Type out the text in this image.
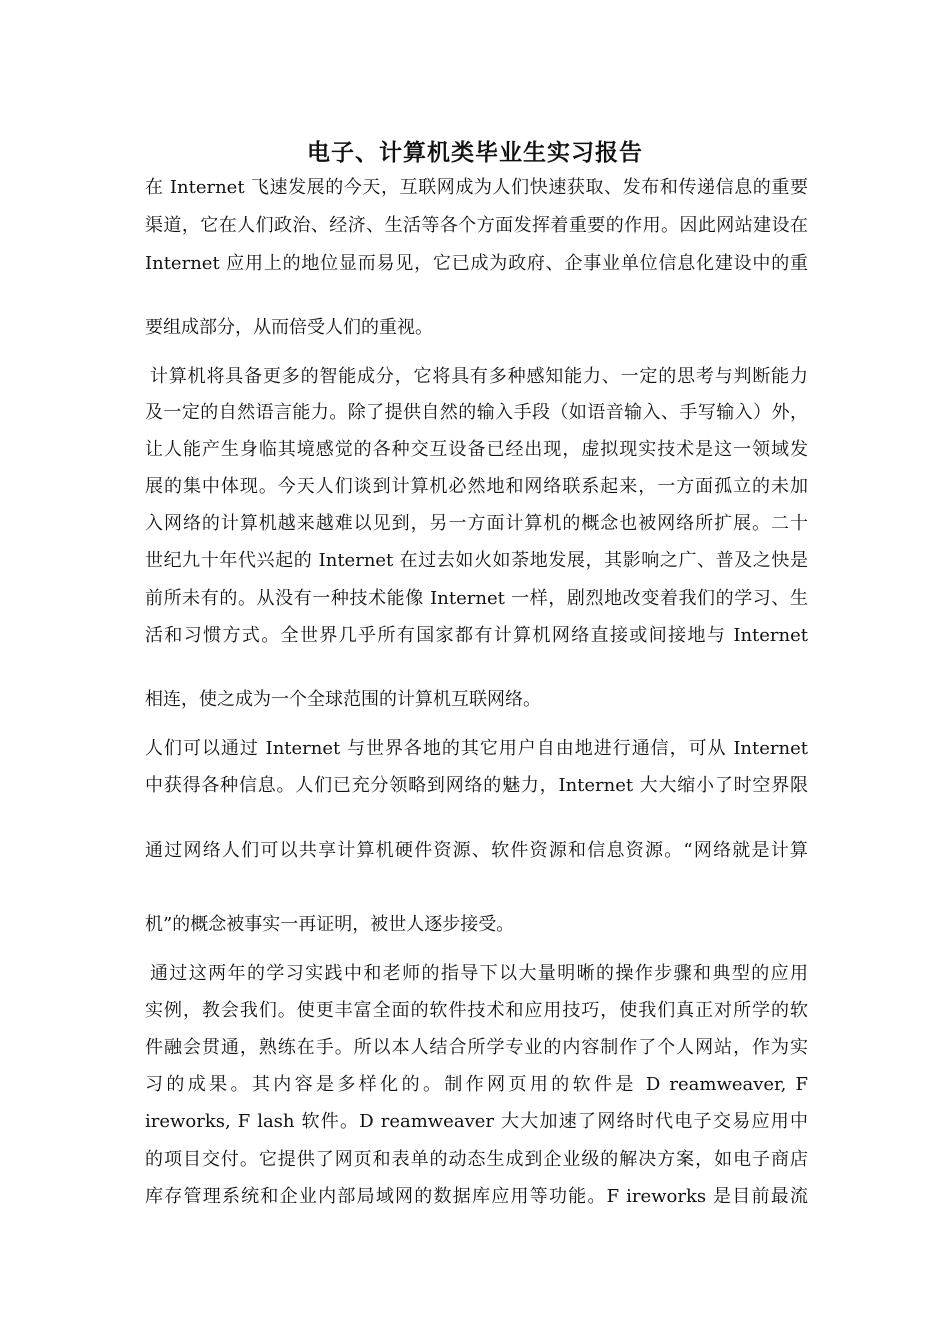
电子、计算机类毕业生实习报告
在 Internet 飞速发展的今天，互联网成为人们快速获取、发布和传递信息的重要
渠道，它在人们政治、经济、生活等各个方面发挥着重要的作用。因此网站建设在
Internet 应用上的地位显而易见，它已成为政府、企事业单位信息化建设中的重
要组成部分，从而倍受人们的重视。
计算机将具备更多的智能成分，它将具有多种感知能力、一定的思考与判断能力
及一定的自然语言能力。除了提供自然的输入手段（如语音输入、手写输入）外，
让人能产生身临其境感觉的各种交互设备已经出现，虚拟现实技术是这一领域发
展的集中体现。今天人们谈到计算机必然地和网络联系起来，一方面孤立的未加
入网络的计算机越来越难以见到，另一方面计算机的概念也被网络所扩展。二十
世纪九十年代兴起的 Internet 在过去如火如荼地发展，其影响之广、普及之快是
前所未有的。从没有一种技术能像 Internet 一样，剧烈地改变着我们的学习、生
活和习惯方式。全世界几乎所有国家都有计算机网络直接或间接地与 Internet
相连，使之成为一个全球范围的计算机互联网络。
人们可以通过 Internet 与世界各地的其它用户自由地进行通信，可从 Internet
中获得各种信息。人们已充分领略到网络的魅力，Internet 大大缩小了时空界限
通过网络人们可以共享计算机硬件资源、软件资源和信息资源。“网络就是计算
机”的概念被事实一再证明，被世人逐步接受。
通过这两年的学习实践中和老师的指导下以大量明晰的操作步骤和典型的应用
实例，教会我们。使更丰富全面的软件技术和应用技巧，使我们真正对所学的软
件融会贯通，熟练在手。所以本人结合所学专业的内容制作了个人网站，作为实
习的成果。其内容是多样化的。制作网页用的软件是 D reamweaver, F
ireworks, F lash 软件。D reamweaver 大大加速了网络时代电子交易应用中
的项目交付。它提供了网页和表单的动态生成到企业级的解决方案，如电子商店
库存管理系统和企业内部局域网的数据库应用等功能。F ireworks 是目前最流
